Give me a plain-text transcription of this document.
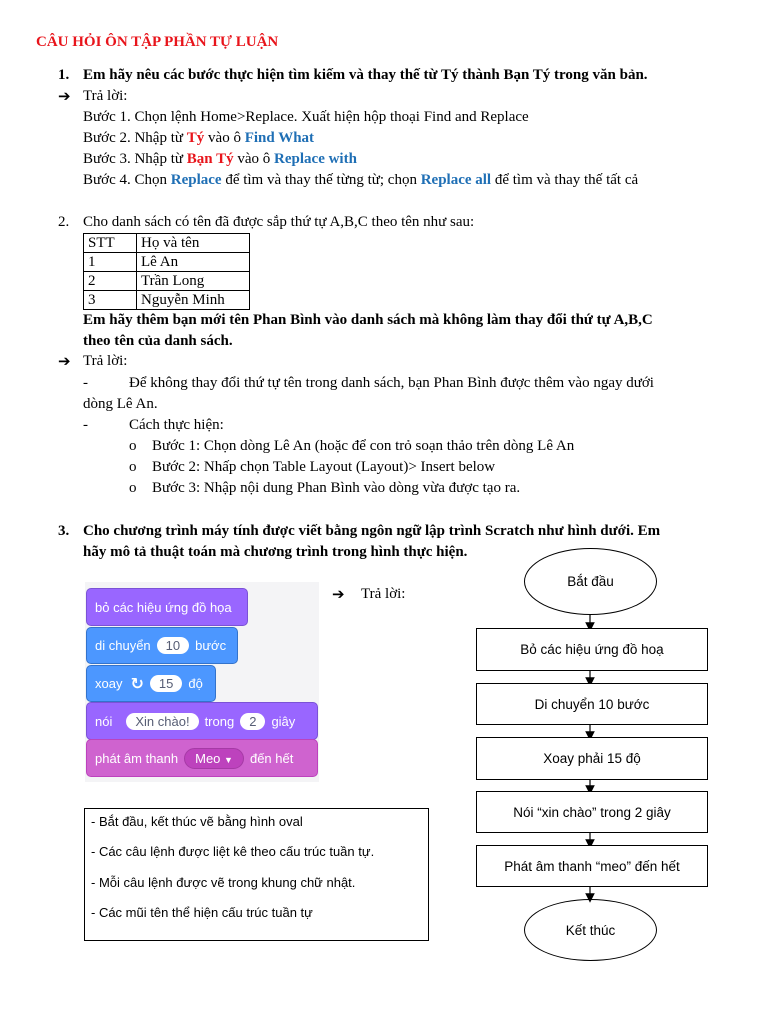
CÂU HỎI ÔN TẬP PHẦN TỰ LUẬN
1. Em hãy nêu các bước thực hiện tìm kiếm và thay thế từ Tý thành Bạn Tý trong văn bản.
➔ Trả lời:
Bước 1. Chọn lệnh Home>Replace. Xuất hiện hộp thoại Find and Replace
Bước 2. Nhập từ Tý vào ô Find What
Bước 3. Nhập từ Bạn Tý vào ô Replace with
Bước 4. Chọn Replace để tìm và thay thế từng từ; chọn Replace all để tìm và thay thế tất cả
2. Cho danh sách có tên đã được sắp thứ tự A,B,C theo tên như sau:
STT	Họ và tên
1	Lê An
2	Trần Long
3	Nguyễn Minh
Em hãy thêm bạn mới tên Phan Bình vào danh sách mà không làm thay đổi thứ tự A,B,C
theo tên của danh sách.
➔ Trả lời:
-	Để không thay đổi thứ tự tên trong danh sách, bạn Phan Bình được thêm vào ngay dưới
dòng Lê An.
-	Cách thực hiện:
o Bước 1: Chọn dòng Lê An (hoặc để con trỏ soạn thảo trên dòng Lê An
o Bước 2: Nhấp chọn Table Layout (Layout)> Insert below
o Bước 3: Nhập nội dung Phan Bình vào dòng vừa được tạo ra.
3. Cho chương trình máy tính được viết bằng ngôn ngữ lập trình Scratch như hình dưới. Em
hãy mô tả thuật toán mà chương trình trong hình thực hiện.
➔ Trả lời:
bỏ các hiệu ứng đồ họa
di chuyển	10	bước
xoay ↻	15	độ
nói	Xin chào!	trong	2	giây
phát âm thanh	Meo ▼	đến hết
- Bắt đầu, kết thúc vẽ bằng hình oval
- Các câu lệnh được liệt kê theo cấu trúc tuần tự.
- Mỗi câu lệnh được vẽ trong khung chữ nhật.
- Các mũi tên thể hiện cấu trúc tuần tự
Bắt đầu
Bỏ các hiệu ứng đồ hoạ
Di chuyển 10 bước
Xoay phải 15 độ
Nói “xin chào” trong 2 giây
Phát âm thanh “meo” đến hết
Kết thúc
